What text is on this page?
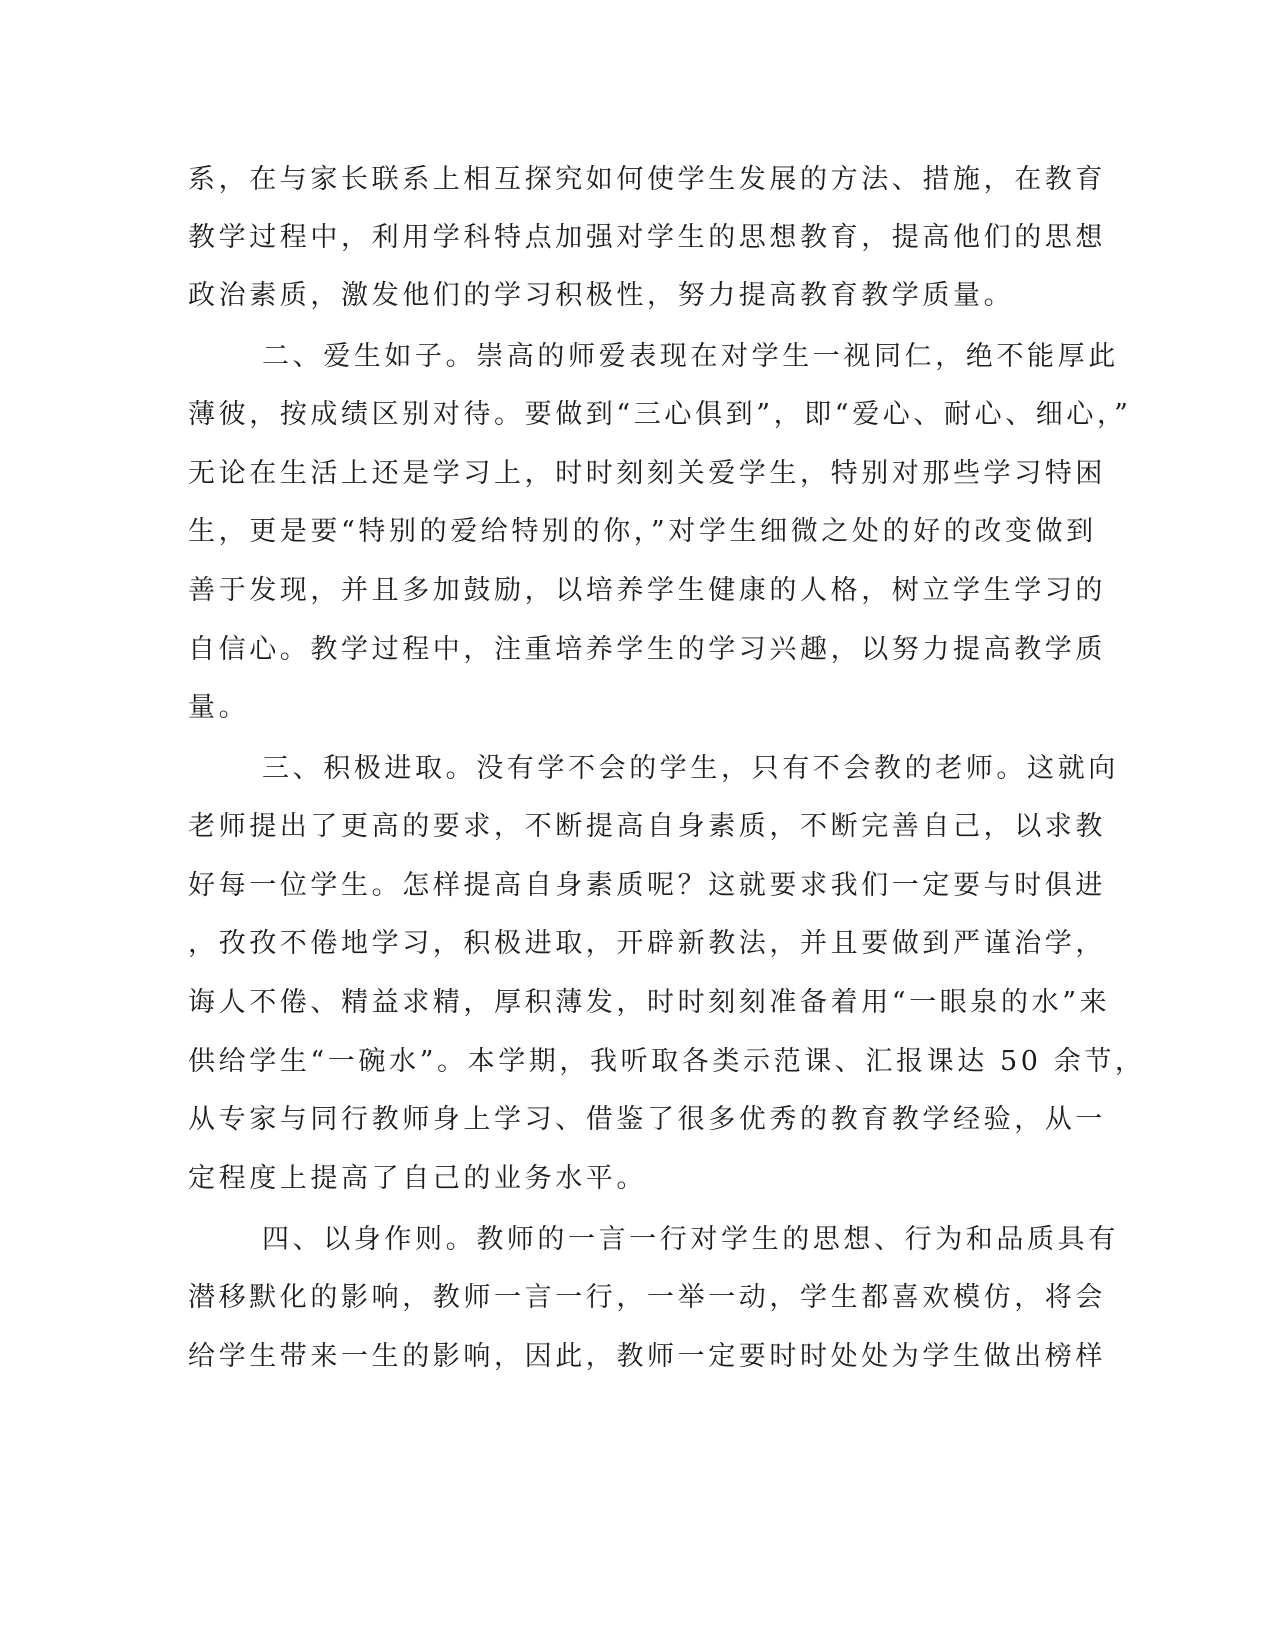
系，在与家长联系上相互探究如何使学生发展的方法、措施，在教育
教学过程中，利用学科特点加强对学生的思想教育，提高他们的思想
政治素质，激发他们的学习积极性，努力提高教育教学质量。
二、爱生如子。崇高的师爱表现在对学生一视同仁，绝不能厚此
薄彼，按成绩区别对待。要做到“三心俱到”，即“爱心、耐心、细心，”
无论在生活上还是学习上，时时刻刻关爱学生，特别对那些学习特困
生，更是要“特别的爱给特别的你，”对学生细微之处的好的改变做到
善于发现，并且多加鼓励，以培养学生健康的人格，树立学生学习的
自信心。教学过程中，注重培养学生的学习兴趣，以努力提高教学质
量。
三、积极进取。没有学不会的学生，只有不会教的老师。这就向
老师提出了更高的要求，不断提高自身素质，不断完善自己，以求教
好每一位学生。怎样提高自身素质呢？这就要求我们一定要与时俱进
，孜孜不倦地学习，积极进取，开辟新教法，并且要做到严谨治学，
诲人不倦、精益求精，厚积薄发，时时刻刻准备着用“一眼泉的水”来
供给学生“一碗水”。本学期，我听取各类示范课、汇报课达 50 余节，
从专家与同行教师身上学习、借鉴了很多优秀的教育教学经验，从一
定程度上提高了自己的业务水平。
四、以身作则。教师的一言一行对学生的思想、行为和品质具有
潜移默化的影响，教师一言一行，一举一动，学生都喜欢模仿，将会
给学生带来一生的影响，因此，教师一定要时时处处为学生做出榜样
